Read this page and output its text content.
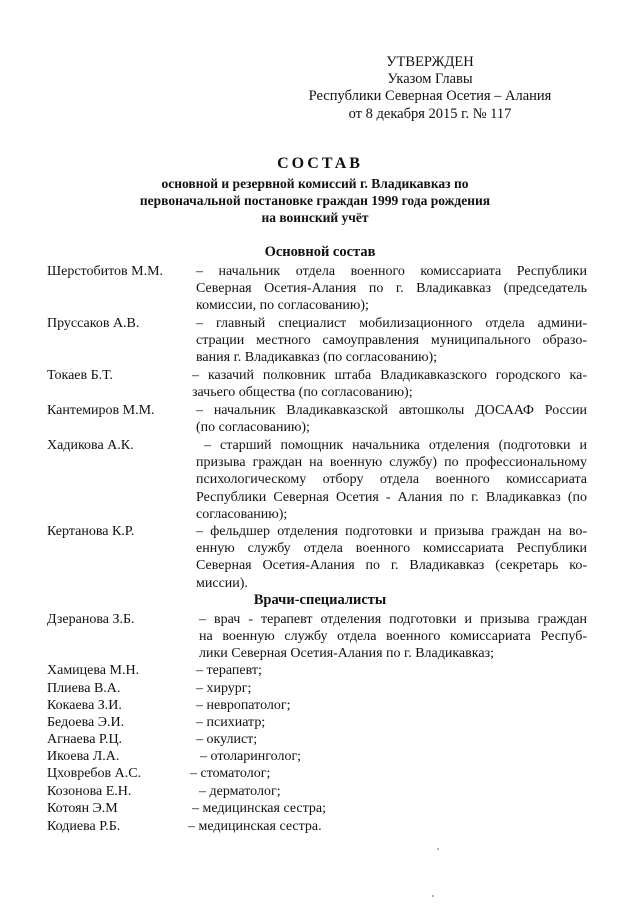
УТВЕРЖДЕН
Указом Главы
Республики Северная Осетия – Алания
от 8 декабря 2015 г. № 117
СОСТАВ
основной и резервной комиссий г. Владикавказ по
первоначальной постановке граждан 1999 года рождения
на воинский учёт
Основной состав
Шерстобитов М.М. – начальник отдела военного комиссариата Республики
Северная Осетия-Алания по г. Владикавказ (председатель
комиссии, по согласованию);
Пруссаков А.В.	– главный специалист мобилизационного отдела админи-
страции местного самоуправления муниципального образо-
вания г. Владикавказ (по согласованию);
Токаев Б.Т.	– казачий полковник штаба Владикавказского городского ка-
зачьего общества (по согласованию);
Кантемиров М.М.	– начальник Владикавказской автошколы ДОСААФ России
(по согласованию);
Хадикова А.К.	– старший помощник начальника отделения (подготовки и
призыва граждан на военную службу) по профессиональному
психологическому отбору отдела военного комиссариата
Республики Северная Осетия - Алания по г. Владикавказ (по
согласованию);
Кертанова К.Р.	– фельдшер отделения подготовки и призыва граждан на во-
енную службу отдела военного комиссариата Республики
Северная Осетия-Алания по г. Владикавказ (секретарь ко-
миссии).
Врачи-специалисты
Дзеранова З.Б.	– врач - терапевт отделения подготовки и призыва граждан
на военную службу отдела военного комиссариата Респуб-
лики Северная Осетия-Алания по г. Владикавказ;
Хамицева М.Н.	– терапевт;
Плиева В.А.	– хирург;
Кокаева З.И.	– невропатолог;
Бедоева Э.И.	– психиатр;
Агнаева Р.Ц.	– окулист;
Икоева Л.А.	– отоларинголог;
Цховребов А.С.	– стоматолог;
Козонова Е.Н.	– дерматолог;
Котоян Э.М	– медицинская сестра;
Кодиева Р.Б.	– медицинская сестра.
